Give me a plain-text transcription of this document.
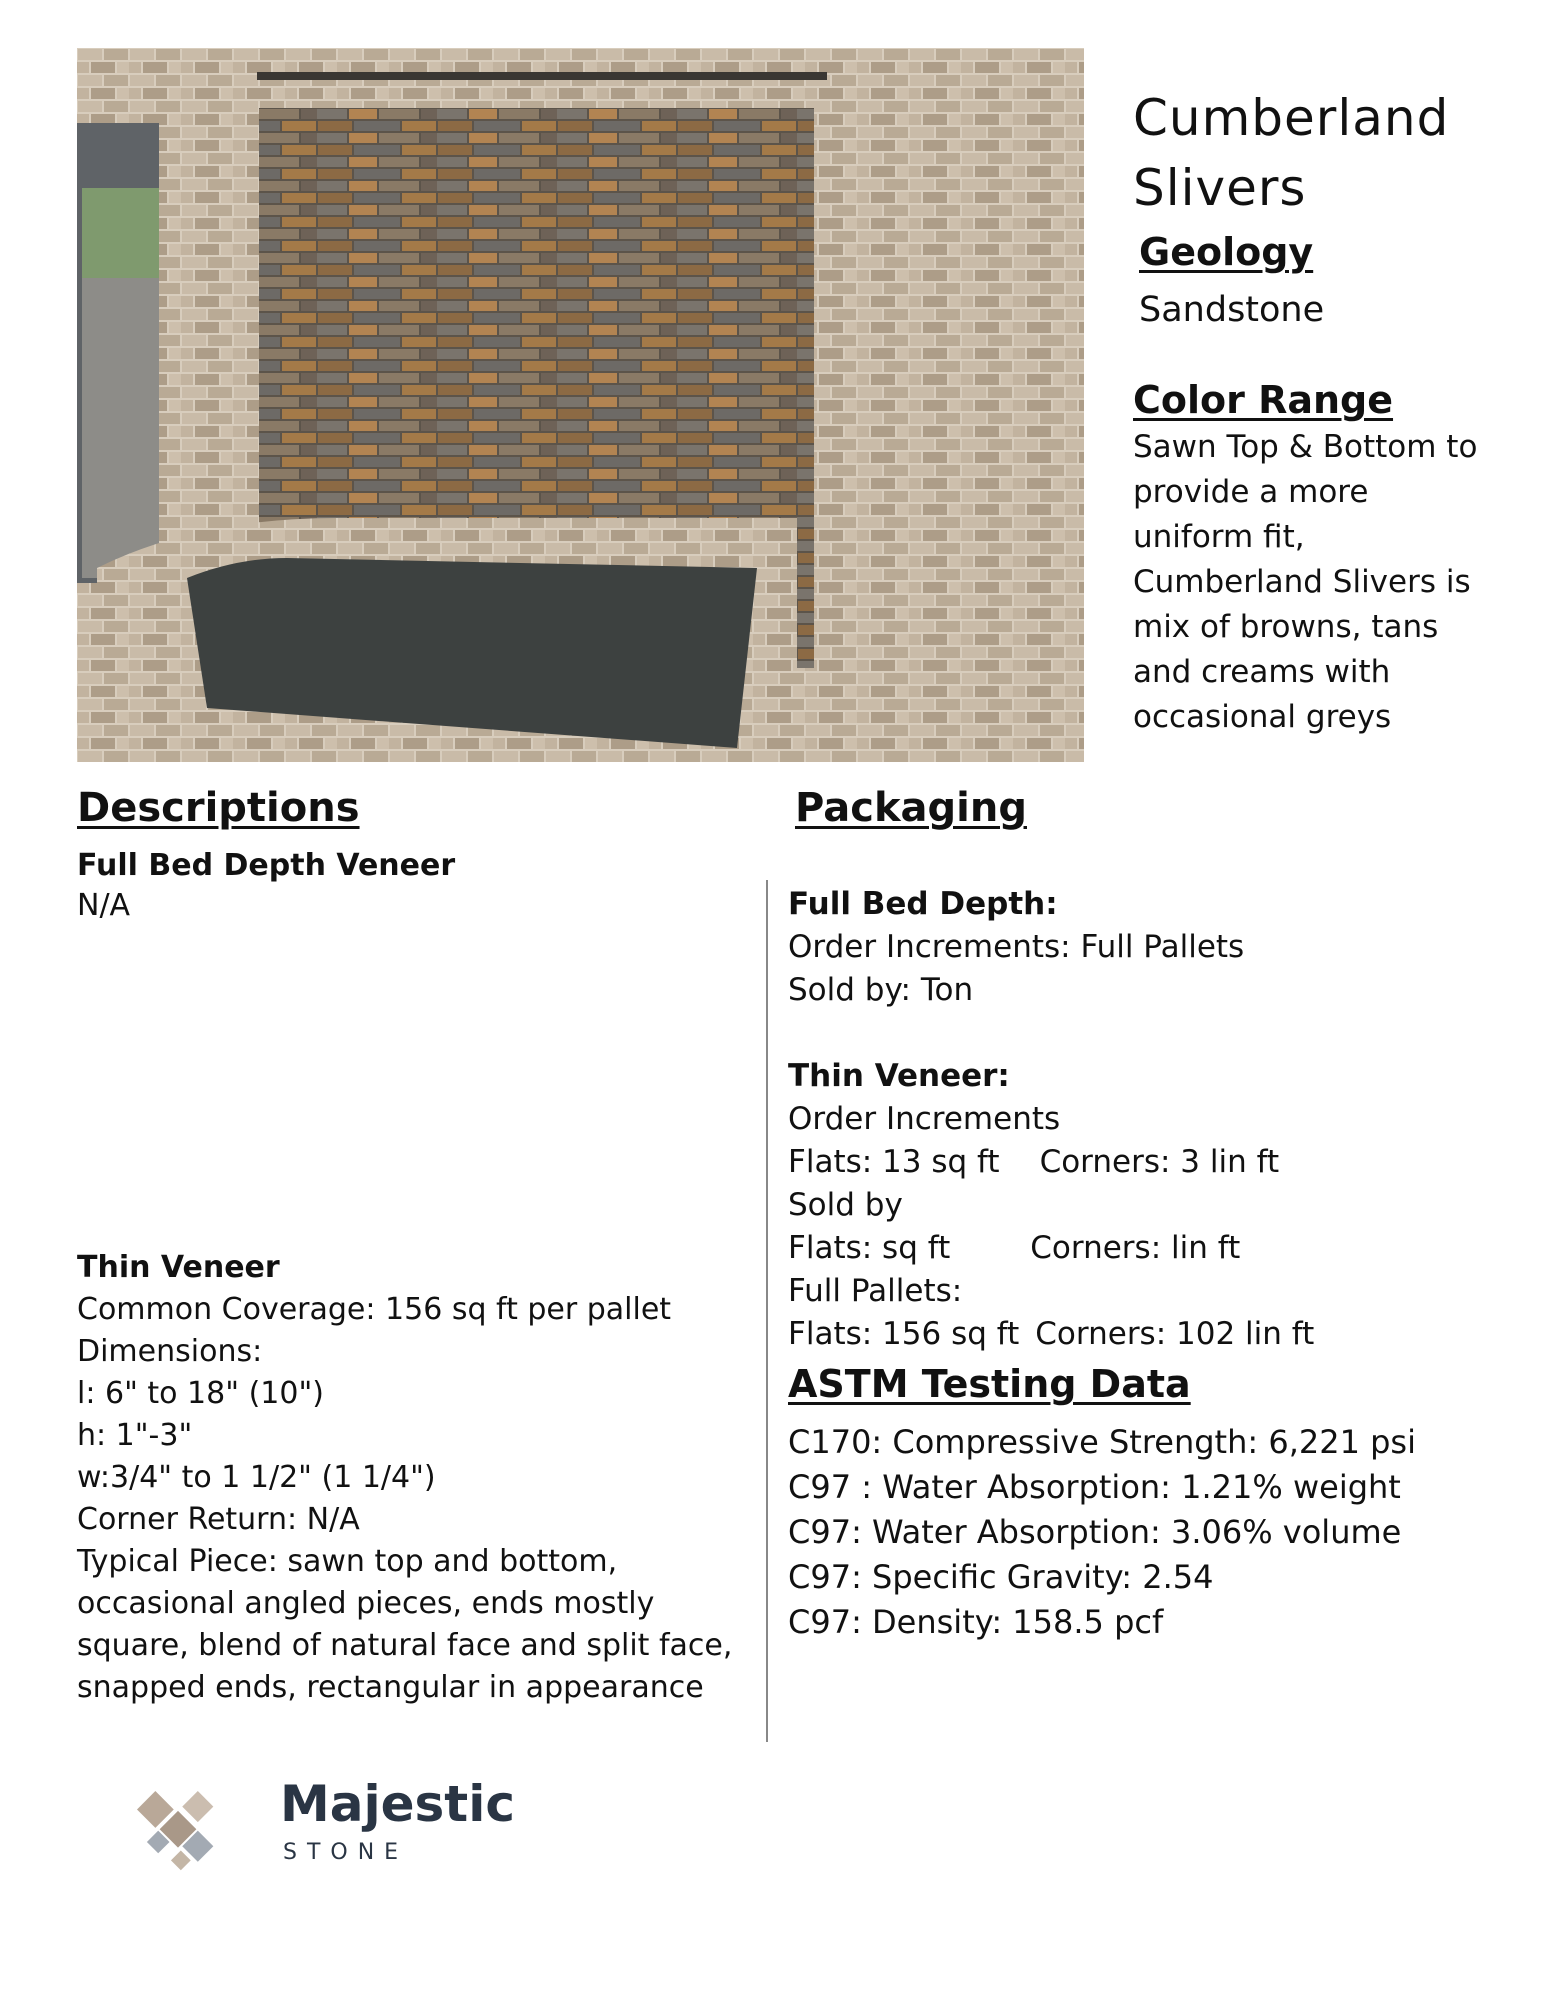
Cumberland
Slivers
Geology
Sandstone
Color Range
Sawn Top & Bottom to
provide a more
uniform fit,
Cumberland Slivers is
mix of browns, tans
and creams with
occasional greys
Descriptions
Full Bed Depth Veneer
N/A
Thin Veneer
Common Coverage: 156 sq ft per pallet
Dimensions:
l: 6" to 18" (10")
h: 1"-3"
w:3/4" to 1 1/2" (1 1/4")
Corner Return: N/A
Typical Piece: sawn top and bottom,
occasional angled pieces, ends mostly
square, blend of natural face and split face,
snapped ends, rectangular in appearance
Packaging
Full Bed Depth:
Order Increments: Full Pallets
Sold by: Ton
Thin Veneer:
Order Increments
Flats: 13 sq ft Corners: 3 lin ft
Sold by
Flats: sq ft	Corners: lin ft
Full Pallets:
Flats: 156 sq ft Corners: 102 lin ft
ASTM Testing Data
C170: Compressive Strength: 6,221 psi
C97 : Water Absorption: 1.21% weight
C97: Water Absorption: 3.06% volume
C97: Specific Gravity: 2.54
C97: Density: 158.5 pcf
Majestic
STONE
